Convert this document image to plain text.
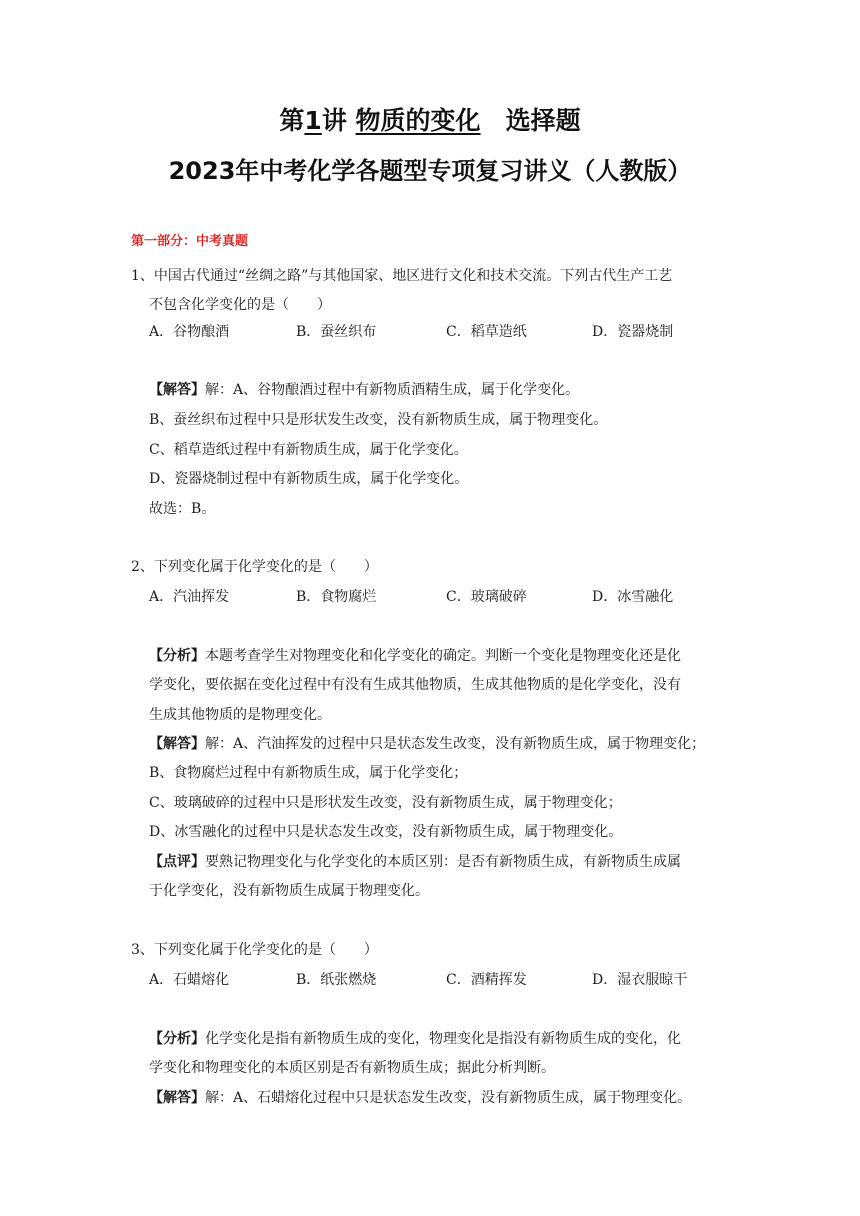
第1讲 物质的变化　 选择题
2023年中考化学各题型专项复习讲义（人教版）
第一部分：中考真题
1、中国古代通过“丝绸之路”与其他国家、地区进行文化和技术交流。下列古代生产工艺
不包含化学变化的是（　　）
A．谷物酿酒	B．蚕丝织布	C．稻草造纸	D．瓷器烧制
【解答】解：A、谷物酿酒过程中有新物质酒精生成，属于化学变化。
B、蚕丝织布过程中只是形状发生改变，没有新物质生成，属于物理变化。
C、稻草造纸过程中有新物质生成，属于化学变化。
D、瓷器烧制过程中有新物质生成，属于化学变化。
故选：B。
2、下列变化属于化学变化的是（　　）
A．汽油挥发	B．食物腐烂	C．玻璃破碎	D．冰雪融化
【分析】本题考查学生对物理变化和化学变化的确定。判断一个变化是物理变化还是化
学变化，要依据在变化过程中有没有生成其他物质，生成其他物质的是化学变化，没有
生成其他物质的是物理变化。
【解答】解：A、汽油挥发的过程中只是状态发生改变，没有新物质生成，属于物理变化；
B、食物腐烂过程中有新物质生成，属于化学变化；
C、玻璃破碎的过程中只是形状发生改变，没有新物质生成，属于物理变化；
D、冰雪融化的过程中只是状态发生改变，没有新物质生成，属于物理变化。
【点评】要熟记物理变化与化学变化的本质区别：是否有新物质生成，有新物质生成属
于化学变化，没有新物质生成属于物理变化。
3、下列变化属于化学变化的是（　　）
A．石蜡熔化	B．纸张燃烧	C．酒精挥发	D．湿衣服晾干
【分析】化学变化是指有新物质生成的变化，物理变化是指没有新物质生成的变化，化
学变化和物理变化的本质区别是否有新物质生成；据此分析判断。
【解答】解：A、石蜡熔化过程中只是状态发生改变，没有新物质生成，属于物理变化。
